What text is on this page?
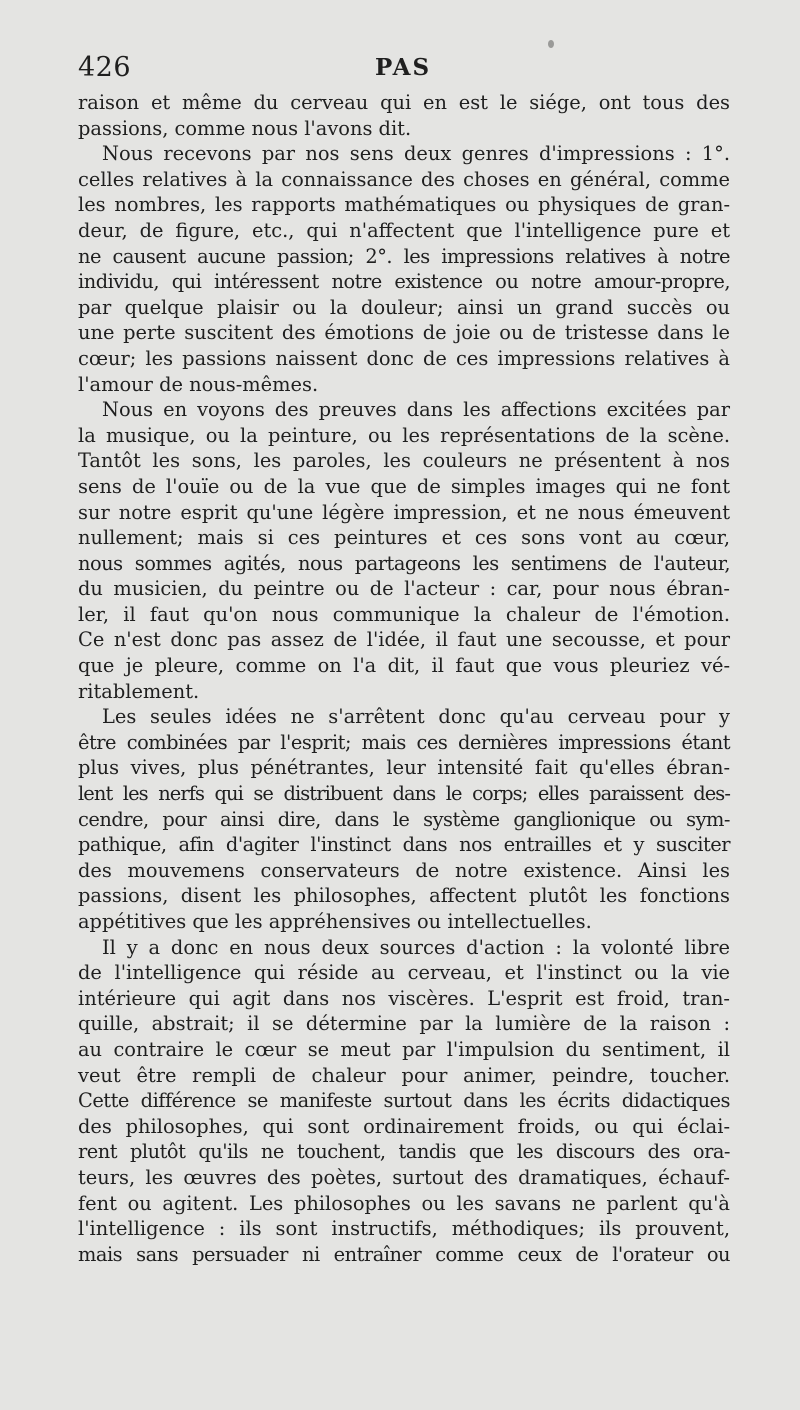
426	PAS
raison et même du cerveau qui en est le siége, ont tous des
passions, comme nous l'avons dit.
Nous recevons par nos sens deux genres d'impressions : 1°.
celles relatives à la connaissance des choses en général, comme
les nombres, les rapports mathématiques ou physiques de gran-
deur, de figure, etc., qui n'affectent que l'intelligence pure et
ne causent aucune passion; 2°. les impressions relatives à notre
individu, qui intéressent notre existence ou notre amour-propre,
par quelque plaisir ou la douleur; ainsi un grand succès ou
une perte suscitent des émotions de joie ou de tristesse dans le
cœur; les passions naissent donc de ces impressions relatives à
l'amour de nous-mêmes.
Nous en voyons des preuves dans les affections excitées par
la musique, ou la peinture, ou les représentations de la scène.
Tantôt les sons, les paroles, les couleurs ne présentent à nos
sens de l'ouïe ou de la vue que de simples images qui ne font
sur notre esprit qu'une légère impression, et ne nous émeuvent
nullement; mais si ces peintures et ces sons vont au cœur,
nous sommes agités, nous partageons les sentimens de l'auteur,
du musicien, du peintre ou de l'acteur : car, pour nous ébran-
ler, il faut qu'on nous communique la chaleur de l'émotion.
Ce n'est donc pas assez de l'idée, il faut une secousse, et pour
que je pleure, comme on l'a dit, il faut que vous pleuriez vé-
ritablement.
Les seules idées ne s'arrêtent donc qu'au cerveau pour y
être combinées par l'esprit; mais ces dernières impressions étant
plus vives, plus pénétrantes, leur intensité fait qu'elles ébran-
lent les nerfs qui se distribuent dans le corps; elles paraissent des-
cendre, pour ainsi dire, dans le système ganglionique ou sym-
pathique, afin d'agiter l'instinct dans nos entrailles et y susciter
des mouvemens conservateurs de notre existence. Ainsi les
passions, disent les philosophes, affectent plutôt les fonctions
appétitives que les appréhensives ou intellectuelles.
Il y a donc en nous deux sources d'action : la volonté libre
de l'intelligence qui réside au cerveau, et l'instinct ou la vie
intérieure qui agit dans nos viscères. L'esprit est froid, tran-
quille, abstrait; il se détermine par la lumière de la raison :
au contraire le cœur se meut par l'impulsion du sentiment, il
veut être rempli de chaleur pour animer, peindre, toucher.
Cette différence se manifeste surtout dans les écrits didactiques
des philosophes, qui sont ordinairement froids, ou qui éclai-
rent plutôt qu'ils ne touchent, tandis que les discours des ora-
teurs, les œuvres des poètes, surtout des dramatiques, échauf-
fent ou agitent. Les philosophes ou les savans ne parlent qu'à
l'intelligence : ils sont instructifs, méthodiques; ils prouvent,
mais sans persuader ni entraîner comme ceux de l'orateur ou
